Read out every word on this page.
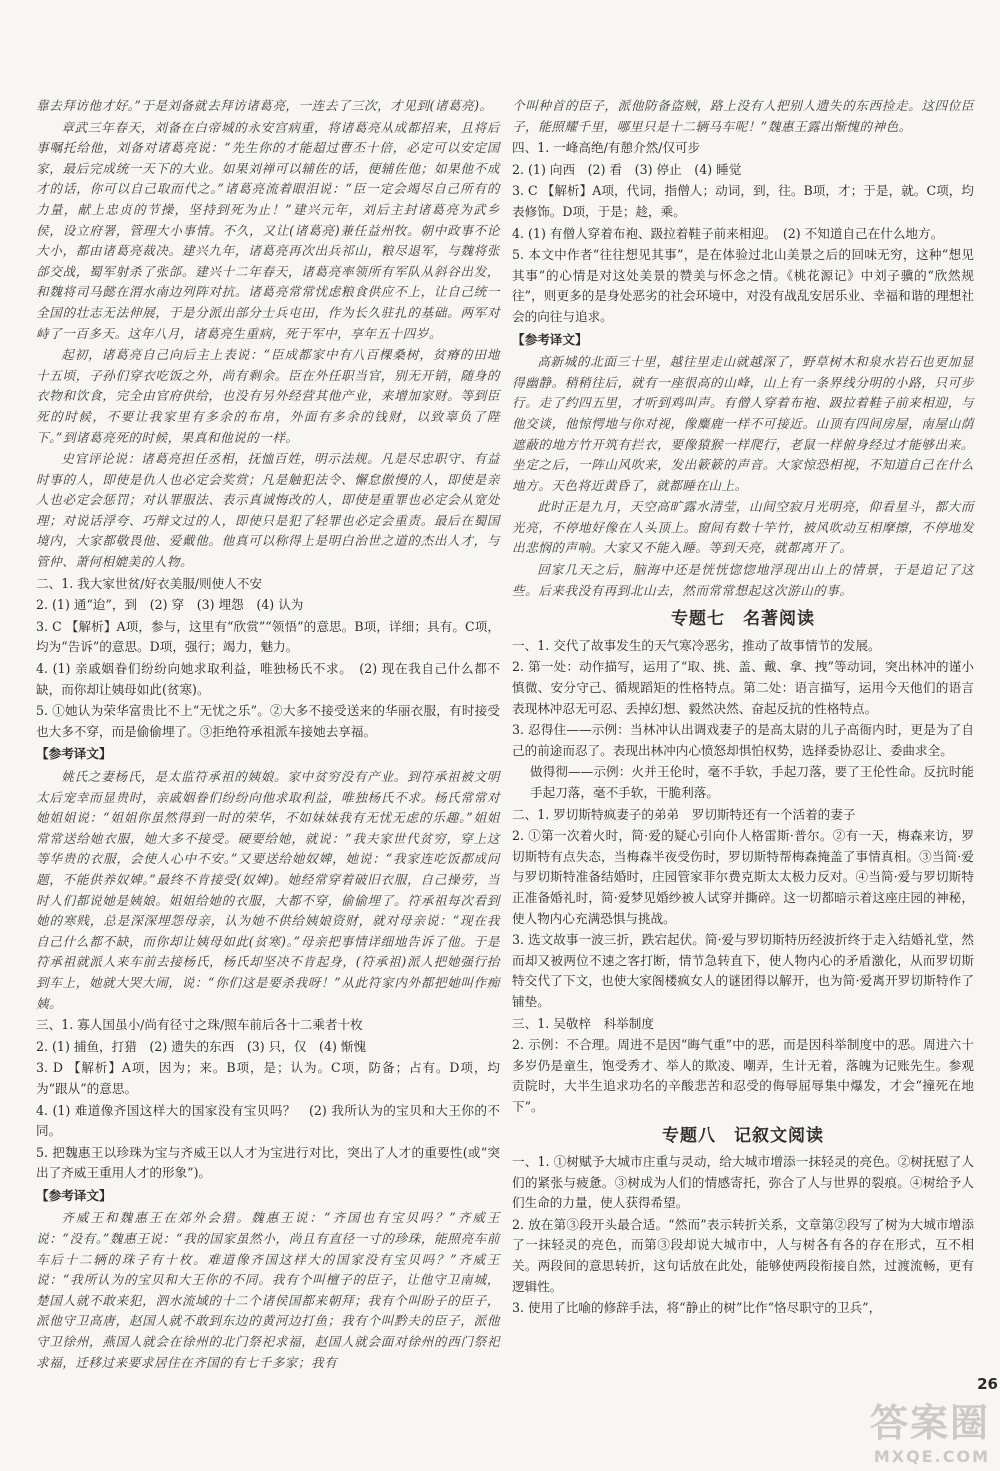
靠去拜访他才好。”于是刘备就去拜访诸葛亮，一连去了三次，才见到(诸葛亮)。

章武三年春天，刘备在白帝城的永安宫病重，将诸葛亮从成都招来，且将后事嘱托给他，刘备对诸葛亮说：“先生你的才能超过曹丕十倍，必定可以安定国家，最后完成统一天下的大业。如果刘禅可以辅佐的话，便辅佐他；如果他不成才的话，你可以自己取而代之。”诸葛亮流着眼泪说：“臣一定会竭尽自己所有的力量，献上忠贞的节操，坚持到死为止！”建兴元年，刘后主封诸葛亮为武乡侯，设立府署，管理大小事情。不久，又让(诸葛亮)兼任益州牧。朝中政事不论大小，都由诸葛亮裁决。建兴九年，诸葛亮再次出兵祁山，粮尽退军，与魏将张郃交战，蜀军射杀了张郃。建兴十二年春天，诸葛亮率领所有军队从斜谷出发，和魏将司马懿在渭水南边列阵对抗。诸葛亮常常忧虑粮食供应不上，让自己统一全国的壮志无法伸展，于是分派出部分士兵屯田，作为长久驻扎的基础。两军对峙了一百多天。这年八月，诸葛亮生重病，死于军中，享年五十四岁。

起初，诸葛亮自己向后主上表说：“臣成都家中有八百棵桑树，贫瘠的田地十五顷，子孙们穿衣吃饭之外，尚有剩余。臣在外任职当官，别无开销，随身的衣物和饮食，完全由官府供给，也没有另外经营其他产业，来增加家财。等到臣死的时候，不要让我家里有多余的布帛，外面有多余的钱财，以致辜负了陛下。”到诸葛亮死的时候，果真和他说的一样。

史官评论说：诸葛亮担任丞相，抚恤百姓，明示法规。凡是尽忠职守、有益时事的人，即使是仇人也必定会奖赏；凡是触犯法令、懈怠傲慢的人，即使是亲人也必定会惩罚；对认罪服法、表示真诚悔改的人，即使是重罪也必定会从宽处理；对说话浮夸、巧辩文过的人，即使只是犯了轻罪也必定会重责。最后在蜀国境内，大家都敬畏他、爱戴他。他真可以称得上是明白治世之道的杰出人才，与管仲、萧何相媲美的人物。

二、1. 我大家世贫/好衣美服/则使人不安

2. (1) 通“迨”，到　(2) 穿　(3) 埋怨　(4) 认为

3. C 【解析】A项，参与，这里有“欣赏”“领悟”的意思。B项，详细；具有。C项，均为“告诉”的意思。D项，强行；竭力，魅力。

4. (1) 亲戚姻眷们纷纷向她求取利益，唯独杨氏不求。　(2) 现在我自己什么都不缺，而你却让姨母如此(贫寒)。

5. ①她认为荣华富贵比不上“无忧之乐”。②大多不接受送来的华丽衣服，有时接受也大多不穿，而是偷偷埋了。③拒绝符承祖派车接她去享福。

【参考译文】

姚氏之妻杨氏，是太监符承祖的姨娘。家中贫穷没有产业。到符承祖被文明太后宠幸而显贵时，亲戚姻眷们纷纷向他求取利益，唯独杨氏不求。杨氏常常对她姐姐说：“姐姐你虽然得到一时的荣华，不如妹妹我有无忧无虑的乐趣。”姐姐常常送给她衣服，她大多不接受。硬要给她，就说：“我夫家世代贫穷，穿上这等华贵的衣服，会使人心中不安。”又要送给她奴婢，她说：“我家连吃饭都成问题，不能供养奴婢。”最终不肯接受(奴婢)。她经常穿着破旧衣服，自己操劳，当时人们都说她是姨娘。姐姐给她的衣服，大都不穿，偷偷埋了。符承祖每次看到她的寒贱，总是深深埋怨母亲，认为她不供给姨娘资财，就对母亲说：“现在我自己什么都不缺，而你却让姨母如此(贫寒)。”母亲把事情详细地告诉了他。于是符承祖就派人来车前去接杨氏，杨氏却坚决不肯起身，(符承祖)派人把她强行抬到车上，她就大哭大闹，说：“你们这是要杀我呀！”从此符家内外都把她叫作痴姨。

三、1. 寡人国虽小/尚有径寸之珠/照车前后各十二乘者十枚

2. (1) 捕鱼，打猎　(2) 遗失的东西　(3) 只，仅　(4) 惭愧

3. D 【解析】A项，因为；来。B项，是；认为。C项，防备；占有。D项，均为“跟从”的意思。

4. (1) 难道像齐国这样大的国家没有宝贝吗？　(2) 我所认为的宝贝和大王你的不同。

5. 把魏惠王以珍珠为宝与齐威王以人才为宝进行对比，突出了人才的重要性(或“突出了齐威王重用人才的形象”)。

【参考译文】

齐威王和魏惠王在郊外会猎。魏惠王说：“齐国也有宝贝吗？”齐威王说：“没有。”魏惠王说：“我的国家虽然小，尚且有直径一寸的珍珠，能照亮车前车后十二辆的珠子有十枚。难道像齐国这样大的国家没有宝贝吗？”齐威王说：“我所认为的宝贝和大王你的不同。我有个叫檀子的臣子，让他守卫南城，楚国人就不敢来犯，泗水流域的十二个诸侯国都来朝拜；我有个叫盼子的臣子，派他守卫高唐，赵国人就不敢到东边的黄河边打鱼；我有个叫黔夫的臣子，派他守卫徐州，燕国人就会在徐州的北门祭祀求福，赵国人就会面对徐州的西门祭祀求福，迁移过来要求居住在齐国的有七千多家；我有

个叫种首的臣子，派他防备盗贼，路上没有人把别人遗失的东西捡走。这四位臣子，能照耀千里，哪里只是十二辆马车呢！”魏惠王露出惭愧的神色。

四、1. 一峰高绝/有憩介然/仅可步

2. (1) 向西　(2) 看　(3) 停止　(4) 睡觉

3. C 【解析】A项，代词，指僧人；动词，到，往。B项，才；于是，就。C项，均表修饰。D项，于是；趁，乘。

4. (1) 有僧人穿着布袍、趿拉着鞋子前来相迎。　(2) 不知道自己在什么地方。

5. 本文中作者“往往想见其事”，是在体验过北山美景之后的回味无穷，这种“想见其事”的心情是对这处美景的赞美与怀念之情。《桃花源记》中刘子骥的“欣然规往”，则更多的是身处恶劣的社会环境中，对没有战乱安居乐业、幸福和谐的理想社会的向往与追求。

【参考译文】

高新城的北面三十里，越往里走山就越深了，野草树木和泉水岩石也更加显得幽静。稍稍往后，就有一座很高的山峰，山上有一条界线分明的小路，只可步行。走了约四五里，才听到鸡叫声。有僧人穿着布袍、趿拉着鞋子前来相迎，与他交谈，他惊愕地与你对视，像麋鹿一样不可接近。山顶有四间房屋，南屋山荫遮蔽的地方竹开筑有拦衣，要像猿猴一样爬行，老鼠一样俯身经过才能够出来。坐定之后，一阵山风吹来，发出簌簌的声音。大家惊恐相视，不知道自己在什么地方。天色将近黄昏了，就都睡在山上。

此时正是九月，天空高旷露水清莹，山间空寂月光明亮，仰看星斗，都大而光亮，不停地好像在人头顶上。窗间有数十竿竹，被风吹动互相摩擦，不停地发出悲悯的声响。大家又不能入睡。等到天亮，就都离开了。

回家几天之后，脑海中还是恍恍惚惚地浮现出山上的情景，于是追记了这些。后来我没有再到北山去，然而常常想起这次游山的事。

专题七　名著阅读

一、1. 交代了故事发生的天气寒冷恶劣，推动了故事情节的发展。

2. 第一处：动作描写，运用了“取、挑、盖、戴、拿、拽”等动词，突出林冲的谨小慎微、安分守己、循规蹈矩的性格特点。第二处：语言描写，运用今天他们的语言表现林冲忍无可忍、丢掉幻想、毅然决然、奋起反抗的性格特点。

3. 忍得住——示例：当林冲认出调戏妻子的是高太尉的儿子高衙内时，更是为了自己的前途而忍了。表现出林冲内心愤怒却惧怕权势，选择委协忍让、委曲求全。

做得彻——示例：火并王伦时，毫不手软，手起刀落，要了王伦性命。反抗时能手起刀落，毫不手软，干脆利落。

二、1. 罗切斯特疯妻子的弟弟　罗切斯特还有一个活着的妻子

2. ①第一次着火时，简·爱的疑心引向仆人格雷斯·普尔。②有一天，梅森来访，罗切斯特有点失态，当梅森半夜受伤时，罗切斯特帮梅森掩盖了事情真相。③当简·爱与罗切斯特准备结婚时，庄园管家菲尔费克斯太太极力反对。④当简·爱与罗切斯特正准备婚礼时，简·爱梦见婚纱被人试穿并撕碎。这一切都暗示着这座庄园的神秘，使人物内心充满恐惧与挑战。

3. 选文故事一波三折，跌宕起伏。简·爱与罗切斯特历经波折终于走入结婚礼堂，然而却又被两位不速之客打断，情节急转直下，使人物内心的矛盾激化，从而罗切斯特交代了下文，也使大家阁楼疯女人的谜团得以解开，也为简·爱离开罗切斯特作了铺垫。

三、1. 吴敬梓　科举制度

2. 示例：不合理。周进不是因“晦气重”中的恶，而是因科举制度中的恶。周进六十多岁仍是童生，饱受秀才、举人的欺凌、嘲弄，生计无着，落魄为记账先生。参观贡院时，大半生追求功名的辛酸悲苦和忍受的侮辱屈辱集中爆发，才会“撞死在地下”。

专题八　记叙文阅读

一、1. ①树赋予大城市庄重与灵动，给大城市增添一抹轻灵的亮色。②树抚慰了人们的紧张与疲惫。③树成为人们的情感寄托，弥合了人与世界的裂痕。④树给予人们生命的力量，使人获得希望。

2. 放在第③段开头最合适。“然而”表示转折关系，文章第②段写了树为大城市增添了一抹轻灵的亮色，而第③段却说大城市中，人与树各有各的存在形式，互不相关。两段间的意思转折，这句话放在此处，能够使两段衔接自然，过渡流畅，更有逻辑性。

3. 使用了比喻的修辞手法，将“静止的树”比作“恪尽职守的卫兵”，

26
答案圈
MXQE.COM
